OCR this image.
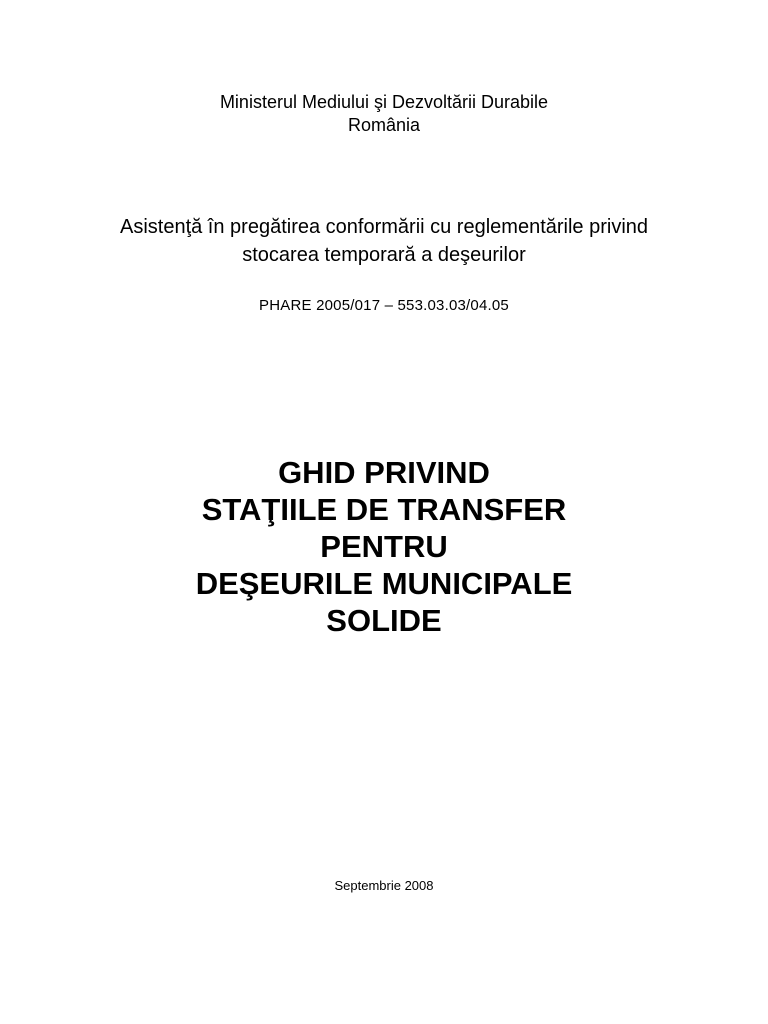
Ministerul Mediului şi Dezvoltării Durabile
România
Asistenţă în pregătirea conformării cu reglementările privind
stocarea temporară a deşeurilor
PHARE 2005/017 – 553.03.03/04.05
GHID PRIVIND
STAŢIILE DE TRANSFER
PENTRU
DEŞEURILE MUNICIPALE
SOLIDE
Septembrie 2008
